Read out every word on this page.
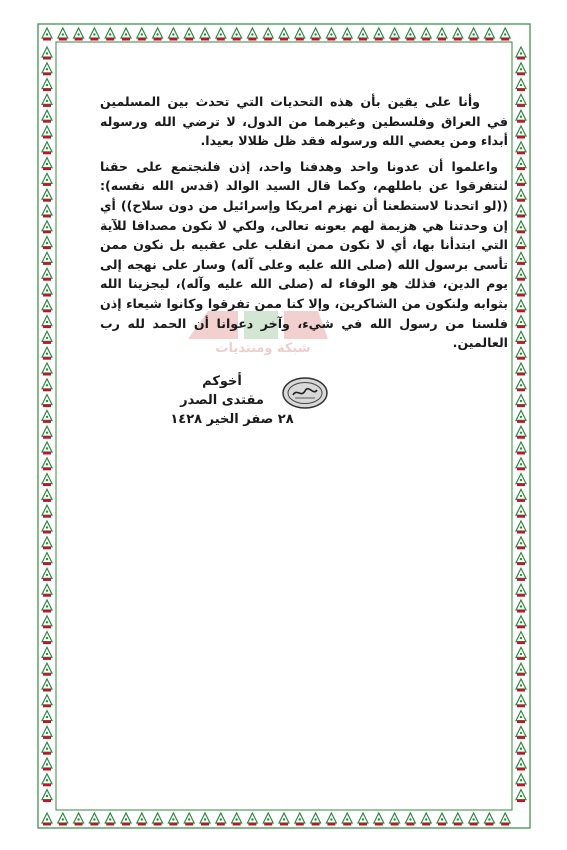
شبكة ومنتديات

وأنا على يقين بأن هذه التحديات التي تحدث بين المسلمين في العراق وفلسطين وغيرهما من الدول، لا ترضي الله ورسوله أبداء ومن يعصي الله ورسوله فقد ظل ظلالا بعيدا.

واعلموا أن عدونا واحد وهدفنا واحد، إذن فلنجتمع على حقنا لنتفرقوا عن باطلهم، وكما قال السيد الوالد (قدس الله نفسه): ((لو اتحدنا لاستطعنا أن نهزم امريكا وإسرائيل من دون سلاح)) أي إن وحدتنا هي هزيمة لهم بعونه تعالى، ولكي لا نكون مصداقا للآية التي ابتدأنا بها، أي لا نكون ممن انقلب على عقبيه بل نكون ممن تأسى برسول الله (صلى الله عليه وعلى آله) وسار على نهجه إلى يوم الدين، فذلك هو الوفاء له (صلى الله عليه وآله)، ليجزينا الله بثوابه ولنكون من الشاكرين، وإلا كنا ممن تفرقوا وكانوا شيعاء إذن فلسنا من رسول الله في شيء، وآخر دعوانا أن الحمد لله رب العالمين.

أخوكم
مقتدى الصدر
٢٨ صفر الخير ١٤٢٨
